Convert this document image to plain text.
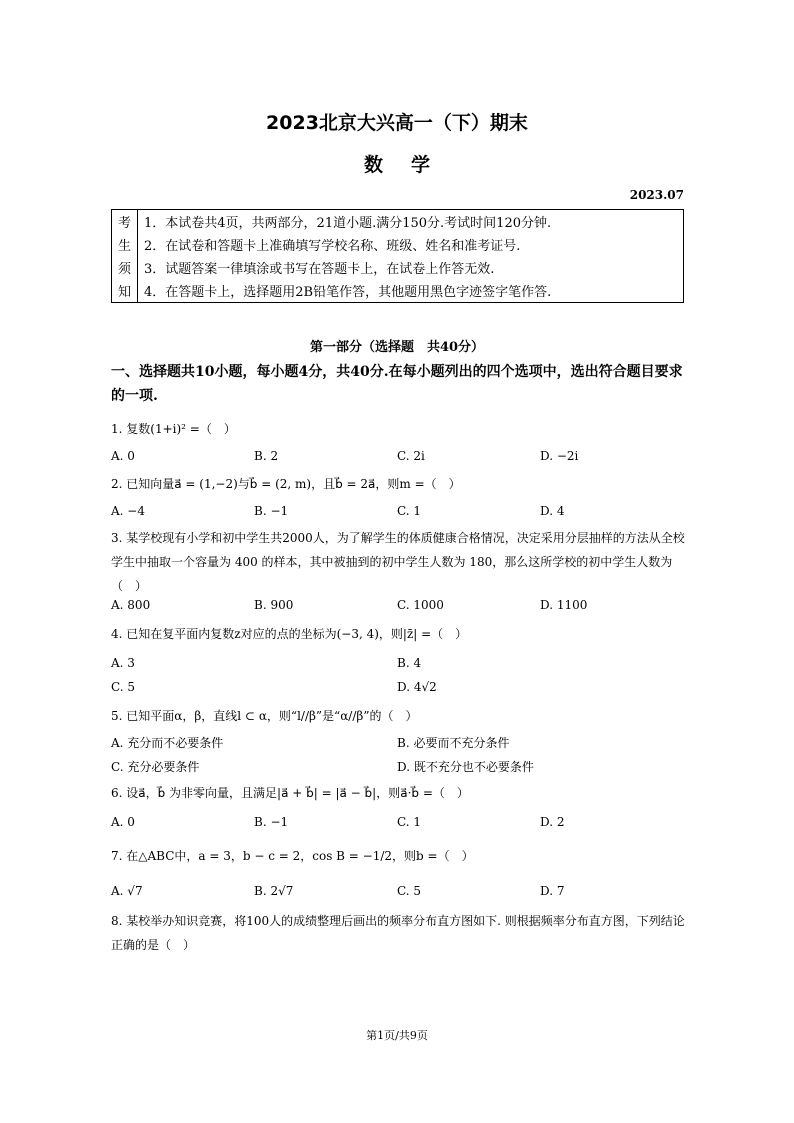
2023北京大兴高一（下）期末
数学
2023.07
考	1．本试卷共4页，共两部分，21道小题.满分150分.考试时间120分钟.
生	2．在试卷和答题卡上准确填写学校名称、班级、姓名和准考证号.
须	3．试题答案一律填涂或书写在答题卡上，在试卷上作答无效.
知	4．在答题卡上，选择题用2B铅笔作答，其他题用黑色字迹签字笔作答.
第一部分（选择题　共40分）
一、选择题共10小题，每小题4分，共40分.在每小题列出的四个选项中，选出符合题目要求的一项.
1. 复数(1+i)² =（　）
A. 0	B. 2	C. 2i	D. −2i
2. 已知向量a⃗ = (1,−2)与b⃗ = (2, m)，且b⃗ = 2a⃗，则m =（　）
A. −4	B. −1	C. 1	D. 4
3. 某学校现有小学和初中学生共2000人，为了解学生的体质健康合格情况，决定采用分层抽样的方法从全校学生中抽取一个容量为 400 的样本，其中被抽到的初中学生人数为 180，那么这所学校的初中学生人数为（　）
A. 800	B. 900	C. 1000	D. 1100
4. 已知在复平面内复数z对应的点的坐标为(−3, 4)，则|z̄| =（　）
A. 3	B. 4
C. 5	D. 4√2
5. 已知平面α，β，直线l ⊂ α，则“l//β”是“α//β”的（　）
A. 充分而不必要条件	B. 必要而不充分条件
C. 充分必要条件	D. 既不充分也不必要条件
6. 设a⃗，b⃗ 为非零向量，且满足|a⃗ + b⃗| = |a⃗ − b⃗|，则a⃗·b⃗ =（　）
A. 0	B. −1	C. 1	D. 2
7. 在△ABC中，a = 3，b − c = 2，cos B = −1/2，则b =（　）
A. √7	B. 2√7	C. 5	D. 7
8. 某校举办知识竞赛，将100人的成绩整理后画出的频率分布直方图如下. 则根据频率分布直方图，下列结论正确的是（　）
第1页/共9页
